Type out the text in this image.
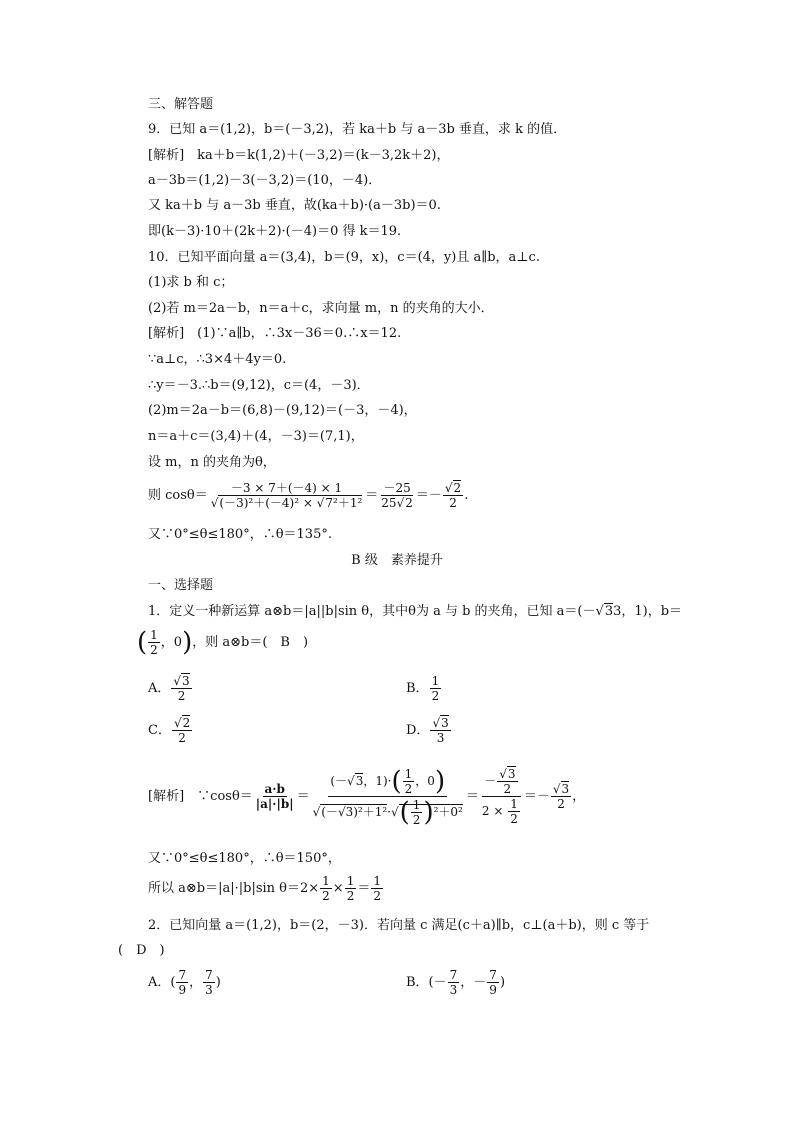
三、解答题
9．已知 a＝(1,2)，b＝(－3,2)，若 ka＋b 与 a－3b 垂直，求 k 的值．
[解析]　 ka＋b＝k(1,2)＋(－3,2)＝(k－3,2k＋2)，
a－3b＝(1,2)－3(－3,2)＝(10，－4)．
又 ka＋b 与 a－3b 垂直，故(ka＋b)·(a－3b)＝0.
即(k－3)·10＋(2k＋2)·(－4)＝0 得 k＝19.
10．已知平面向量 a＝(3,4)，b＝(9，x)，c＝(4，y)且 a∥b，a⊥c.
(1)求 b 和 c；
(2)若 m＝2a－b，n＝a＋c，求向量 m，n 的夹角的大小．
[解析]　 (1)∵a∥b，∴3x－36＝0.∴x＝12.
∵a⊥c，∴3×4＋4y＝0.
∴y＝－3.∴b＝(9,12)，c＝(4，－3)．
(2)m＝2a－b＝(6,8)－(9,12)＝(－3，－4)，
n＝a＋c＝(3,4)＋(4，－3)＝(7,1)，
设 m，n 的夹角为θ，
则 $\cos\theta= \frac{-3 \times 7+(-4) \times 1}{\text{√(－3)²＋(－4)² × √7²＋1²}} = \frac{-25}{25√2} =- \frac{√2}{2}$ .
又∵0°≤θ≤180°，∴θ＝135°.
B 级　素养提升
一、选择题
1．定义一种新运算 a⊗b＝|a||b|sin θ，其中θ为 a 与 b 的夹角，已知 a＝(－√33，1)，b＝
( $\frac{1}{2}$ ，0)，则 a⊗b＝(　B　)
A． $\frac{√3}{2}$	B． $\frac{1}{2}$
C． $\frac{√2}{2}$	D． $\frac{√3}{3}$
[解析]　 ∵cosθ＝ $\frac{a\cdot b}{|a|\cdot|b|} = \frac{(-√3,1)\cdot( \frac{1}{2} ,0)}{√(-√3)^2+1^2\cdot√( \frac{1}{2} )^2+0^2} = \frac{- \frac{√3}{2}}{2 \times \frac{1}{2}} =- \frac{√3}{2}$ ，
又∵0°≤θ≤180°，∴θ＝150°，
所以 a⊗b＝|a|·|b|sin $\theta=2\times \frac{1}{2} \times \frac{1}{2} = \frac{1}{2}$
2．已知向量 a＝(1,2)，b＝(2，－3)．若向量 c 满足(c＋a)∥b，c⊥(a＋b)，则 c 等于
(　D　)
A．( $\frac{7}{9}$ ， $\frac{7}{3}$ )	B．(－ $\frac{7}{3}$ ，－ $\frac{7}{9}$ )
